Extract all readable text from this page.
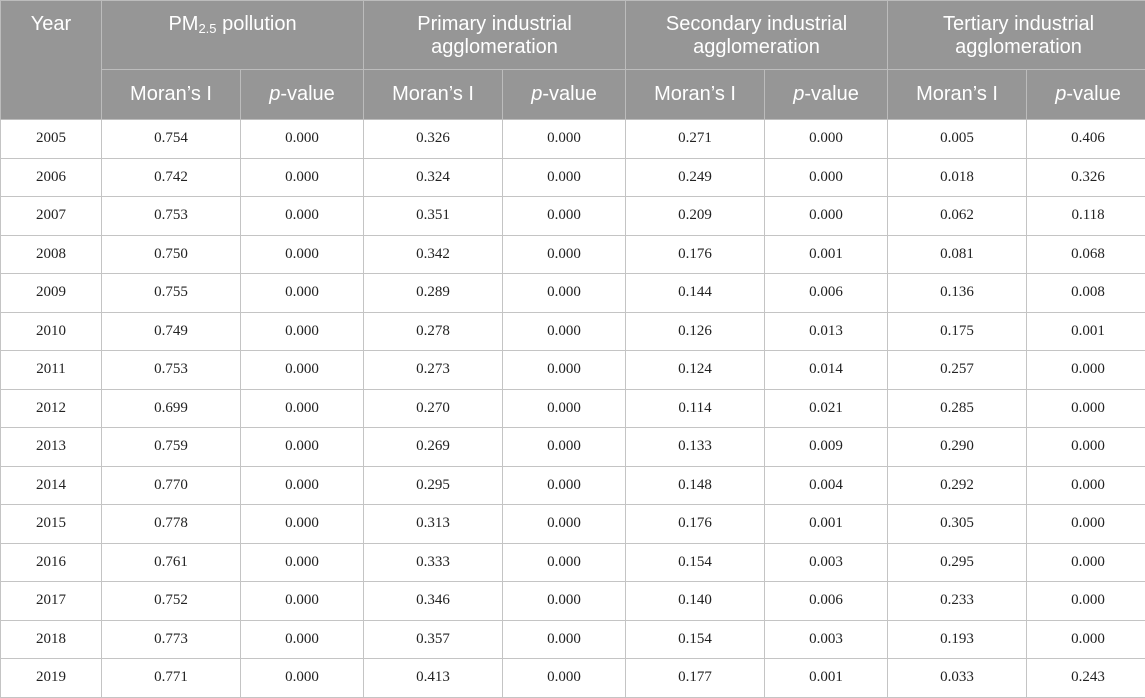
Year	$PM_{2.5}$ pollution		Primary industrial agglomeration		Secondary industrial agglomeration		Tertiary industrial agglomeration	
	Moran’s I	p-value	Moran’s I	p-value	Moran’s I	p-value	Moran’s I	p-value
2005	0.754	0.000	0.326	0.000	0.271	0.000	0.005	0.406
2006	0.742	0.000	0.324	0.000	0.249	0.000	0.018	0.326
2007	0.753	0.000	0.351	0.000	0.209	0.000	0.062	0.118
2008	0.750	0.000	0.342	0.000	0.176	0.001	0.081	0.068
2009	0.755	0.000	0.289	0.000	0.144	0.006	0.136	0.008
2010	0.749	0.000	0.278	0.000	0.126	0.013	0.175	0.001
2011	0.753	0.000	0.273	0.000	0.124	0.014	0.257	0.000
2012	0.699	0.000	0.270	0.000	0.114	0.021	0.285	0.000
2013	0.759	0.000	0.269	0.000	0.133	0.009	0.290	0.000
2014	0.770	0.000	0.295	0.000	0.148	0.004	0.292	0.000
2015	0.778	0.000	0.313	0.000	0.176	0.001	0.305	0.000
2016	0.761	0.000	0.333	0.000	0.154	0.003	0.295	0.000
2017	0.752	0.000	0.346	0.000	0.140	0.006	0.233	0.000
2018	0.773	0.000	0.357	0.000	0.154	0.003	0.193	0.000
2019	0.771	0.000	0.413	0.000	0.177	0.001	0.033	0.243
